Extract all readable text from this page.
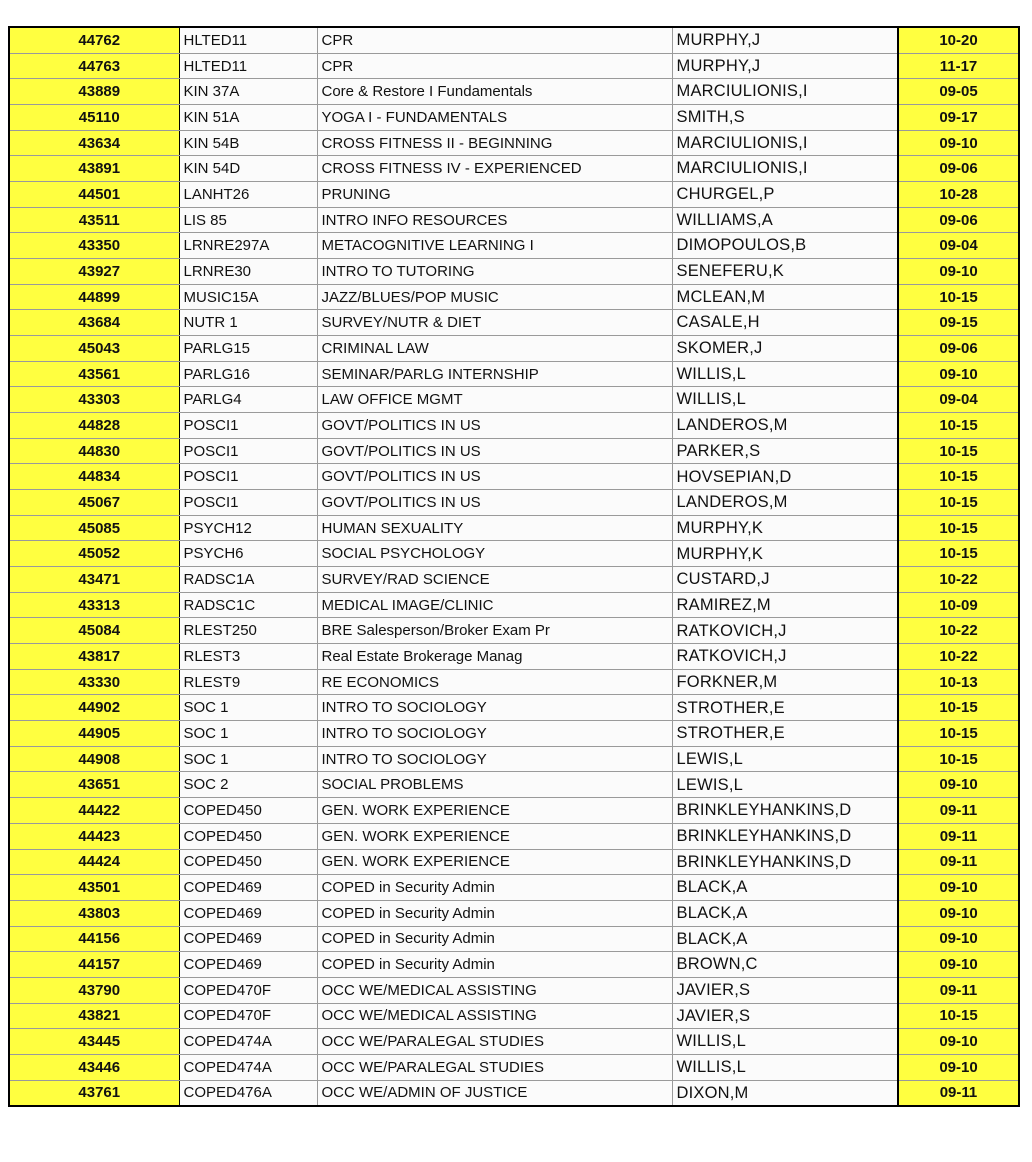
44762	HLTED11	CPR	MURPHY,J	10-20
44763	HLTED11	CPR	MURPHY,J	11-17
43889	KIN 37A	Core & Restore I Fundamentals	MARCIULIONIS,I	09-05
45110	KIN 51A	YOGA I - FUNDAMENTALS	SMITH,S	09-17
43634	KIN 54B	CROSS FITNESS II - BEGINNING	MARCIULIONIS,I	09-10
43891	KIN 54D	CROSS FITNESS IV - EXPERIENCED	MARCIULIONIS,I	09-06
44501	LANHT26	PRUNING	CHURGEL,P	10-28
43511	LIS 85	INTRO INFO RESOURCES	WILLIAMS,A	09-06
43350	LRNRE297A	METACOGNITIVE LEARNING I	DIMOPOULOS,B	09-04
43927	LRNRE30	INTRO TO TUTORING	SENEFERU,K	09-10
44899	MUSIC15A	JAZZ/BLUES/POP MUSIC	MCLEAN,M	10-15
43684	NUTR 1	SURVEY/NUTR & DIET	CASALE,H	09-15
45043	PARLG15	CRIMINAL LAW	SKOMER,J	09-06
43561	PARLG16	SEMINAR/PARLG INTERNSHIP	WILLIS,L	09-10
43303	PARLG4	LAW OFFICE MGMT	WILLIS,L	09-04
44828	POSCI1	GOVT/POLITICS IN US	LANDEROS,M	10-15
44830	POSCI1	GOVT/POLITICS IN US	PARKER,S	10-15
44834	POSCI1	GOVT/POLITICS IN US	HOVSEPIAN,D	10-15
45067	POSCI1	GOVT/POLITICS IN US	LANDEROS,M	10-15
45085	PSYCH12	HUMAN SEXUALITY	MURPHY,K	10-15
45052	PSYCH6	SOCIAL PSYCHOLOGY	MURPHY,K	10-15
43471	RADSC1A	SURVEY/RAD SCIENCE	CUSTARD,J	10-22
43313	RADSC1C	MEDICAL IMAGE/CLINIC	RAMIREZ,M	10-09
45084	RLEST250	BRE Salesperson/Broker Exam Pr	RATKOVICH,J	10-22
43817	RLEST3	Real Estate Brokerage Manag	RATKOVICH,J	10-22
43330	RLEST9	RE ECONOMICS	FORKNER,M	10-13
44902	SOC 1	INTRO TO SOCIOLOGY	STROTHER,E	10-15
44905	SOC 1	INTRO TO SOCIOLOGY	STROTHER,E	10-15
44908	SOC 1	INTRO TO SOCIOLOGY	LEWIS,L	10-15
43651	SOC 2	SOCIAL PROBLEMS	LEWIS,L	09-10
44422	COPED450	GEN. WORK EXPERIENCE	BRINKLEYHANKINS,D	09-11
44423	COPED450	GEN. WORK EXPERIENCE	BRINKLEYHANKINS,D	09-11
44424	COPED450	GEN. WORK EXPERIENCE	BRINKLEYHANKINS,D	09-11
43501	COPED469	COPED in Security Admin	BLACK,A	09-10
43803	COPED469	COPED in Security Admin	BLACK,A	09-10
44156	COPED469	COPED in Security Admin	BLACK,A	09-10
44157	COPED469	COPED in Security Admin	BROWN,C	09-10
43790	COPED470F	OCC WE/MEDICAL ASSISTING	JAVIER,S	09-11
43821	COPED470F	OCC WE/MEDICAL ASSISTING	JAVIER,S	10-15
43445	COPED474A	OCC WE/PARALEGAL STUDIES	WILLIS,L	09-10
43446	COPED474A	OCC WE/PARALEGAL STUDIES	WILLIS,L	09-10
43761	COPED476A	OCC WE/ADMIN OF JUSTICE	DIXON,M	09-11
